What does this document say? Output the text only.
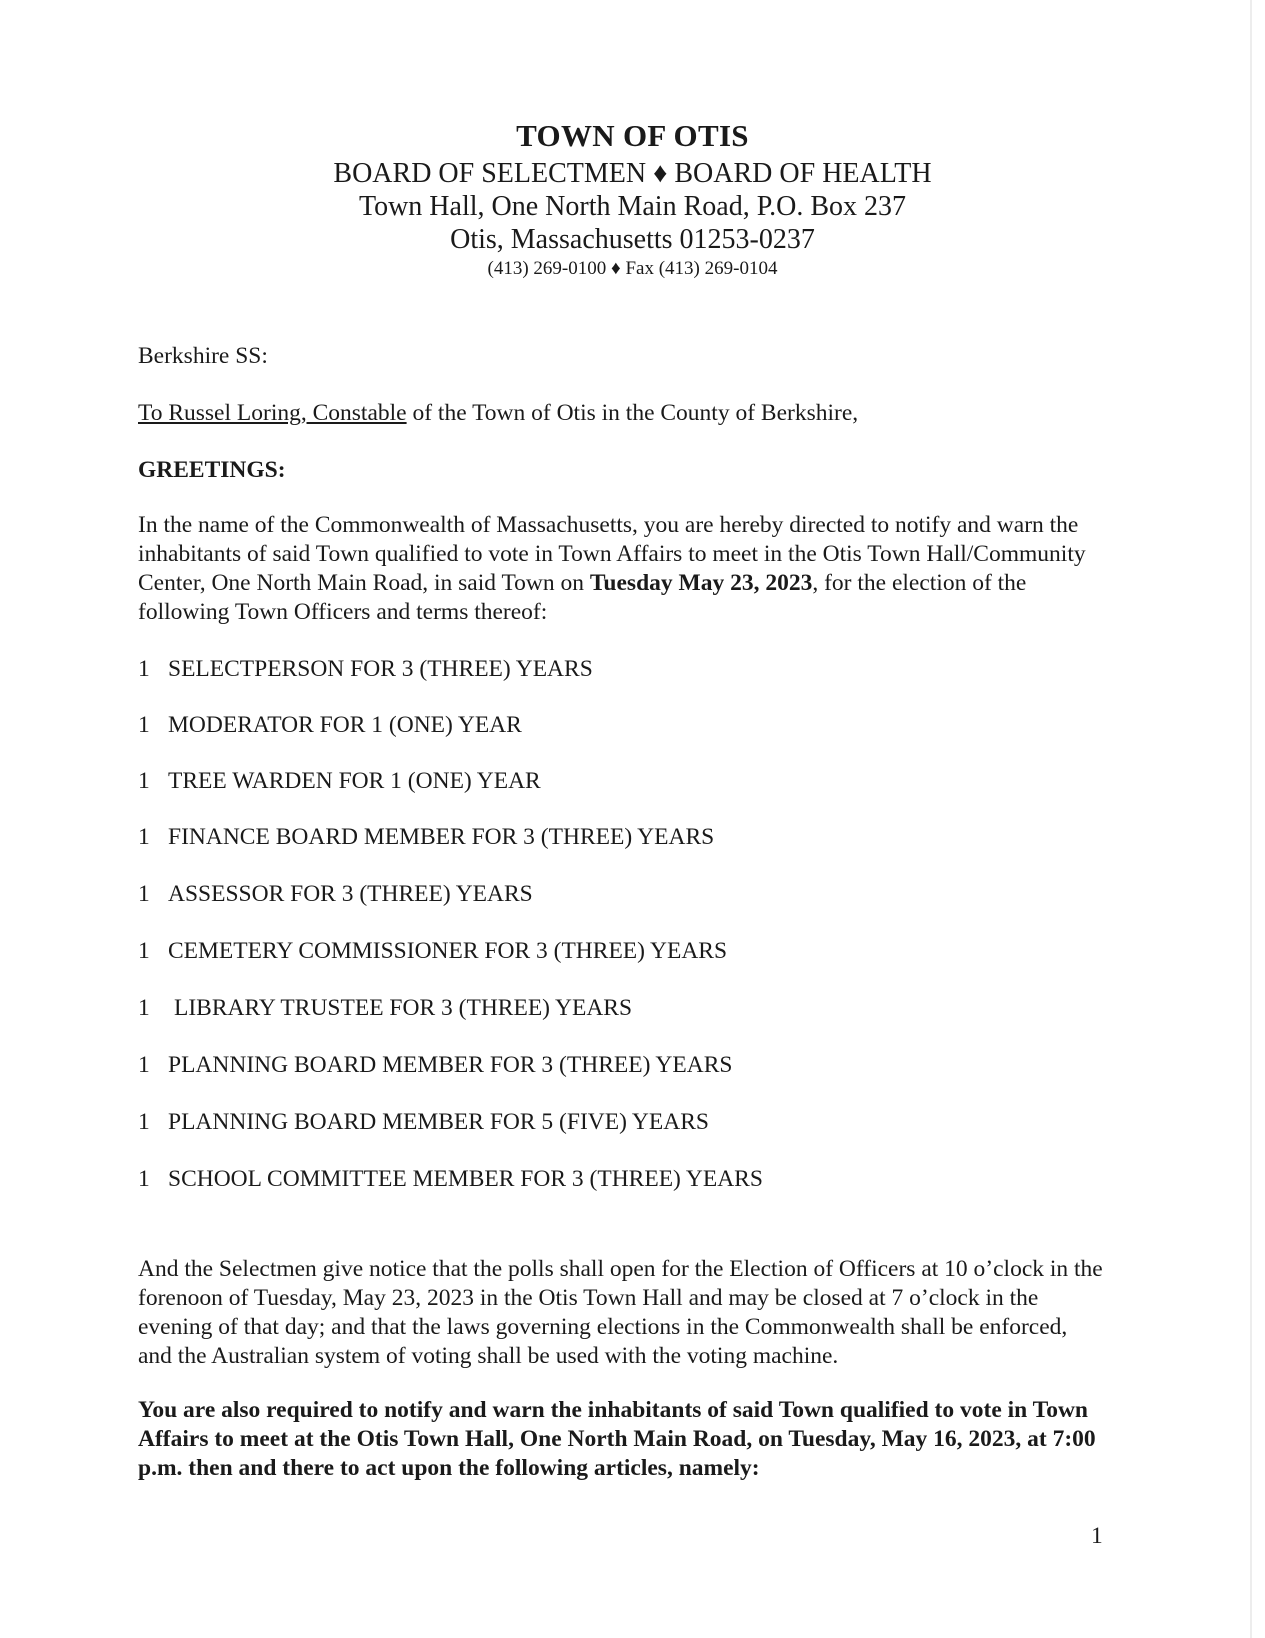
TOWN OF OTIS
BOARD OF SELECTMEN ♦ BOARD OF HEALTH
Town Hall, One North Main Road, P.O. Box 237
Otis, Massachusetts 01253-0237
(413) 269-0100 ♦ Fax (413) 269-0104
Berkshire SS:
To Russel Loring, Constable of the Town of Otis in the County of Berkshire,
GREETINGS:
In the name of the Commonwealth of Massachusetts, you are hereby directed to notify and warn the inhabitants of said Town qualified to vote in Town Affairs to meet in the Otis Town Hall/Community Center, One North Main Road, in said Town on Tuesday May 23, 2023, for the election of the following Town Officers and terms thereof:
1 SELECTPERSON FOR 3 (THREE) YEARS
1 MODERATOR FOR 1 (ONE) YEAR
1 TREE WARDEN FOR 1 (ONE) YEAR
1 FINANCE BOARD MEMBER FOR 3 (THREE) YEARS
1 ASSESSOR FOR 3 (THREE) YEARS
1 CEMETERY COMMISSIONER FOR 3 (THREE) YEARS
1 LIBRARY TRUSTEE FOR 3 (THREE) YEARS
1 PLANNING BOARD MEMBER FOR 3 (THREE) YEARS
1 PLANNING BOARD MEMBER FOR 5 (FIVE) YEARS
1 SCHOOL COMMITTEE MEMBER FOR 3 (THREE) YEARS
And the Selectmen give notice that the polls shall open for the Election of Officers at 10 o’clock in the forenoon of Tuesday, May 23, 2023 in the Otis Town Hall and may be closed at 7 o’clock in the evening of that day; and that the laws governing elections in the Commonwealth shall be enforced, and the Australian system of voting shall be used with the voting machine.
You are also required to notify and warn the inhabitants of said Town qualified to vote in Town Affairs to meet at the Otis Town Hall, One North Main Road, on Tuesday, May 16, 2023, at 7:00 p.m. then and there to act upon the following articles, namely:
1
